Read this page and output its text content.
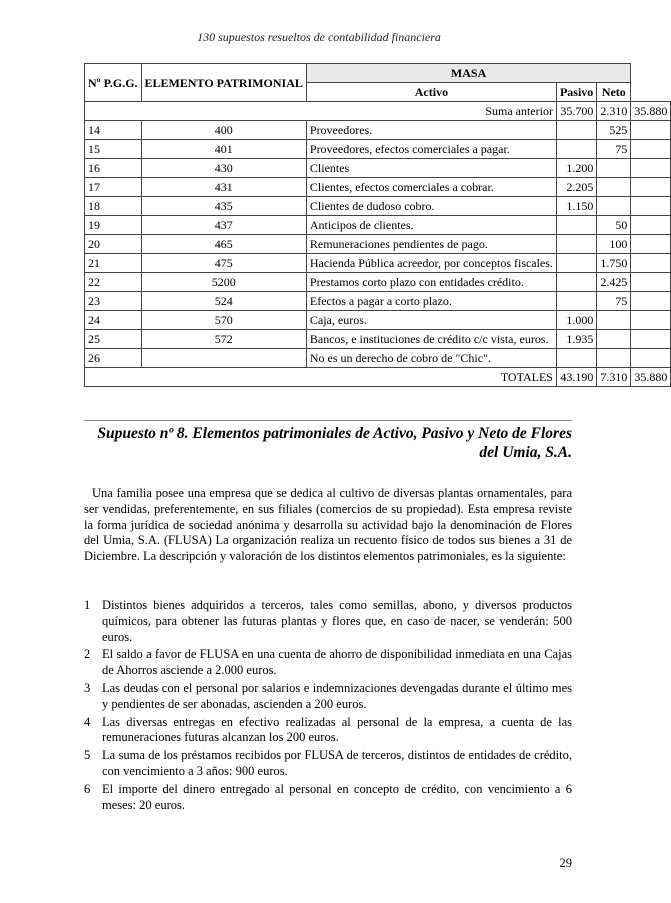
130 supuestos resueltos de contabilidad financiera
Nº P.G.G.	ELEMENTO PATRIMONIAL	MASA			
		Activo	Pasivo	Neto	
Suma anterior			35.700	2.310	35.880
14	400	Proveedores.		525	
15	401	Proveedores, efectos comerciales a pagar.		75	
16	430	Clientes	1.200		
17	431	Clientes, efectos comerciales a cobrar.	2.205		
18	435	Clientes de dudoso cobro.	1.150		
19	437	Anticipos de clientes.		50	
20	465	Remuneraciones pendientes de pago.		100	
21	475	Hacienda Pública acreedor, por conceptos fiscales.		1.750	
22	5200	Prestamos corto plazo con entidades crédito.		2.425	
23	524	Efectos a pagar a corto plazo.		75	
24	570	Caja, euros.	1.000		
25	572	Bancos, e instituciones de crédito c/c vista, euros.	1.935		
26		No es un derecho de cobro de "Chic".			
TOTALES			43.190	7.310	35.880
Supuesto nº 8. Elementos patrimoniales de Activo, Pasivo y Neto de Flores
del Umia, S.A.

Una familia posee una empresa que se dedica al cultivo de diversas plantas ornamentales, para ser vendidas, preferentemente, en sus filiales (comercios de su propiedad). Esta empresa reviste la forma jurídica de sociedad anónima y desarrolla su actividad bajo la denominación de Flores del Umia, S.A. (FLUSA) La organización realiza un recuento físico de todos sus bienes a 31 de Diciembre. La descripción y valoración de los distintos elementos patrimoniales, es la siguiente:

1 Distintos bienes adquiridos a terceros, tales como semillas, abono, y diversos productos químicos, para obtener las futuras plantas y flores que, en caso de nacer, se venderán: 500 euros.
2 El saldo a favor de FLUSA en una cuenta de ahorro de disponibilidad inmediata en una Cajas de Ahorros asciende a 2.000 euros.
3 Las deudas con el personal por salarios e indemnizaciones devengadas durante el último mes y pendientes de ser abonadas, ascienden a 200 euros.
4 Las diversas entregas en efectivo realizadas al personal de la empresa, a cuenta de las remuneraciones futuras alcanzan los 200 euros.
5 La suma de los préstamos recibidos por FLUSA de terceros, distintos de entidades de crédito, con vencimiento a 3 años: 900 euros.
6 El importe del dinero entregado al personal en concepto de crédito, con vencimiento a 6 meses: 20 euros.
29
